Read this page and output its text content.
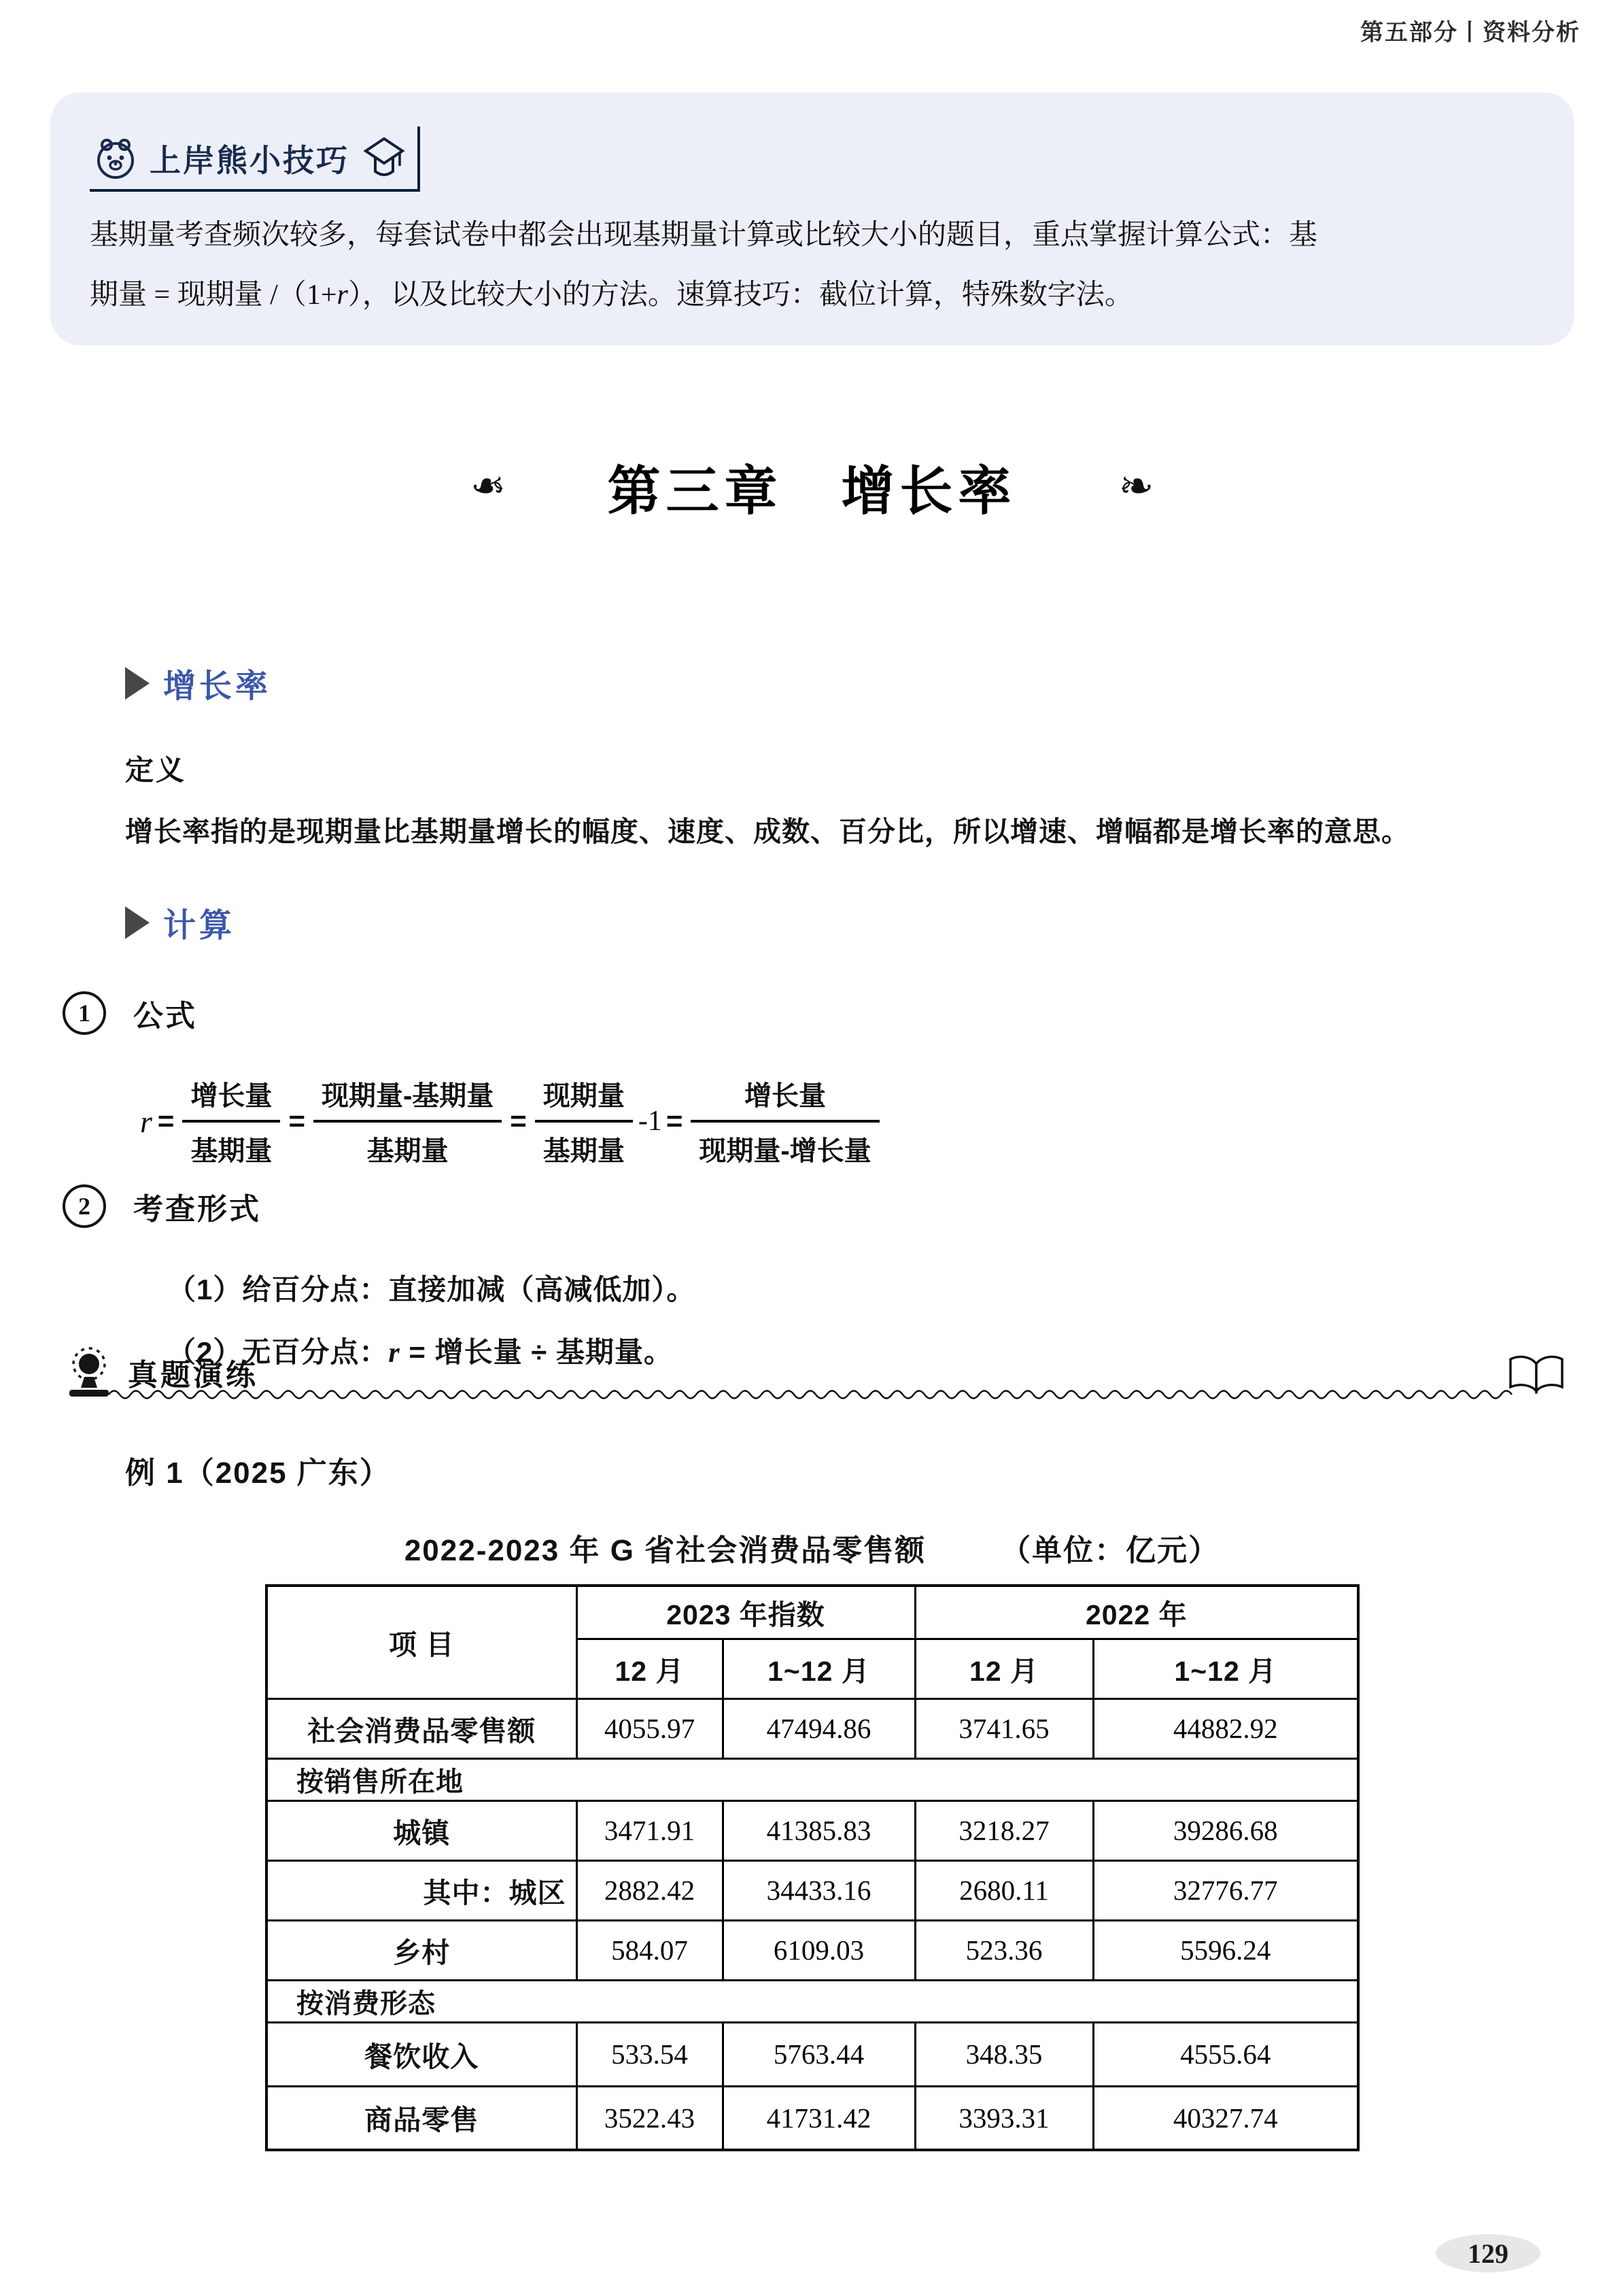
第五部分丨资料分析
上岸熊小技巧

基期量考查频次较多，每套试卷中都会出现基期量计算或比较大小的题目，重点掌握计算公式：基

期量 = 现期量 /（1+r），以及比较大小的方法。速算技巧：截位计算，特殊数字法。

❧ 第三章　增长率 ❧
增长率
定义
增长率指的是现期量比基期量增长的幅度、速度、成数、百分比，所以增速、增幅都是增长率的意思。
计算
1	公式
$r = \frac{\text{增长量}}{\text{基期量}} = \frac{\text{现期量-基期量}}{\text{基期量}} = \frac{\text{现期量}}{\text{基期量}} -1 = \frac{\text{增长量}}{\text{现期量-增长量}}$
2	考查形式
（1）给百分点：直接加减（高减低加）。
（2）无百分点：r = 增长量 ÷ 基期量。
真题演练
例 1（2025 广东）
2022-2023 年 G 省社会消费品零售额	（单位：亿元）
项 目	2023 年指数		2022 年	
	12 月	1~12 月	12 月	1~12 月
社会消费品零售额	4055.97	47494.86	3741.65	44882.92
按销售所在地				
城镇	3471.91	41385.83	3218.27	39286.68
其中：城区	2882.42	34433.16	2680.11	32776.77
乡村	584.07	6109.03	523.36	5596.24
按消费形态				
餐饮收入	533.54	5763.44	348.35	4555.64
商品零售	3522.43	41731.42	3393.31	40327.74
129
